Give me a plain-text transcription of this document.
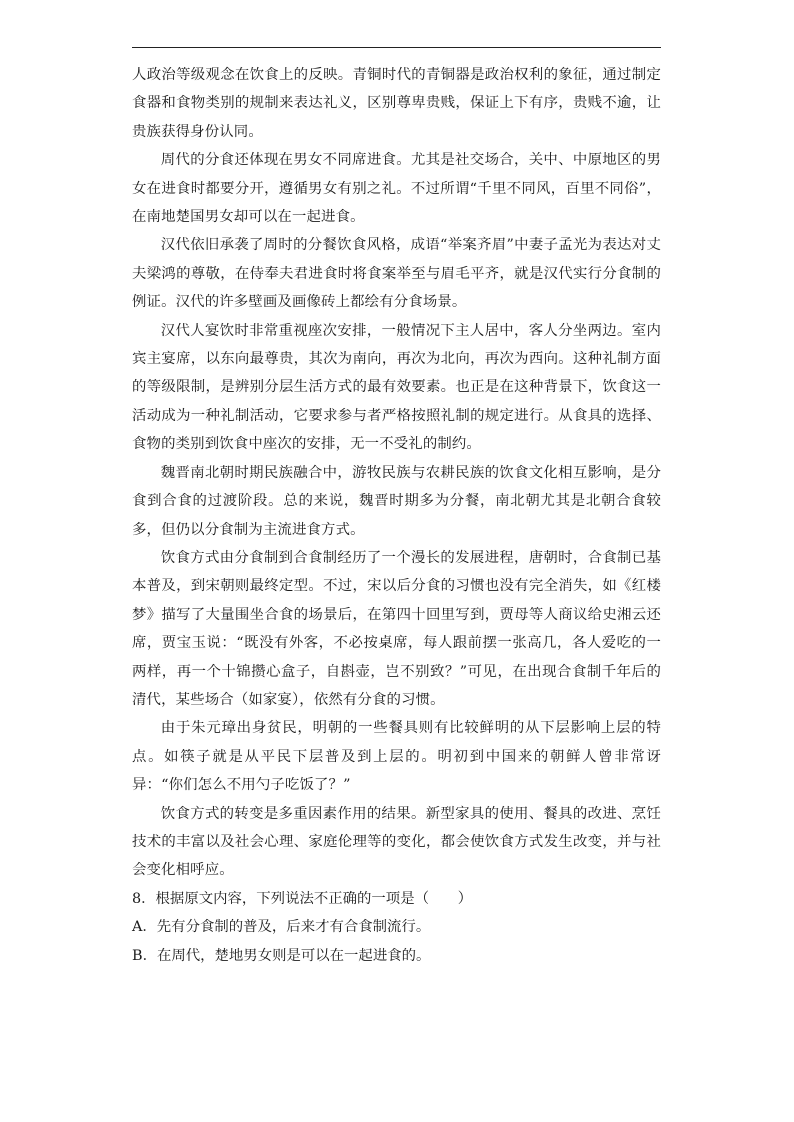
人政治等级观念在饮食上的反映。青铜时代的青铜器是政治权利的象征，通过制定食器和食物类别的规制来表达礼义，区别尊卑贵贱，保证上下有序，贵贱不逾，让贵族获得身份认同。

周代的分食还体现在男女不同席进食。尤其是社交场合，关中、中原地区的男女在进食时都要分开，遵循男女有别之礼。不过所谓“千里不同风，百里不同俗”，在南地楚国男女却可以在一起进食。

汉代依旧承袭了周时的分餐饮食风格，成语“举案齐眉”中妻子孟光为表达对丈夫梁鸿的尊敬，在侍奉夫君进食时将食案举至与眉毛平齐，就是汉代实行分食制的例证。汉代的许多壁画及画像砖上都绘有分食场景。

汉代人宴饮时非常重视座次安排，一般情况下主人居中，客人分坐两边。室内宾主宴席，以东向最尊贵，其次为南向，再次为北向，再次为西向。这种礼制方面的等级限制，是辨别分层生活方式的最有效要素。也正是在这种背景下，饮食这一活动成为一种礼制活动，它要求参与者严格按照礼制的规定进行。从食具的选择、食物的类别到饮食中座次的安排，无一不受礼的制约。

魏晋南北朝时期民族融合中，游牧民族与农耕民族的饮食文化相互影响，是分食到合食的过渡阶段。总的来说，魏晋时期多为分餐，南北朝尤其是北朝合食较多，但仍以分食制为主流进食方式。

饮食方式由分食制到合食制经历了一个漫长的发展进程，唐朝时，合食制已基本普及，到宋朝则最终定型。不过，宋以后分食的习惯也没有完全消失，如《红楼梦》描写了大量围坐合食的场景后，在第四十回里写到，贾母等人商议给史湘云还席，贾宝玉说：“既没有外客，不必按桌席，每人跟前摆一张高几，各人爱吃的一两样，再一个十锦攒心盒子，自斟壶，岂不别致？”可见，在出现合食制千年后的清代，某些场合（如家宴），依然有分食的习惯。

由于朱元璋出身贫民，明朝的一些餐具则有比较鲜明的从下层影响上层的特点。如筷子就是从平民下层普及到上层的。明初到中国来的朝鲜人曾非常讶异：“你们怎么不用勺子吃饭了？”

饮食方式的转变是多重因素作用的结果。新型家具的使用、餐具的改进、烹饪技术的丰富以及社会心理、家庭伦理等的变化，都会使饮食方式发生改变，并与社会变化相呼应。

8．根据原文内容，下列说法不正确的一项是（　　）

A．先有分食制的普及，后来才有合食制流行。

B．在周代，楚地男女则是可以在一起进食的。
